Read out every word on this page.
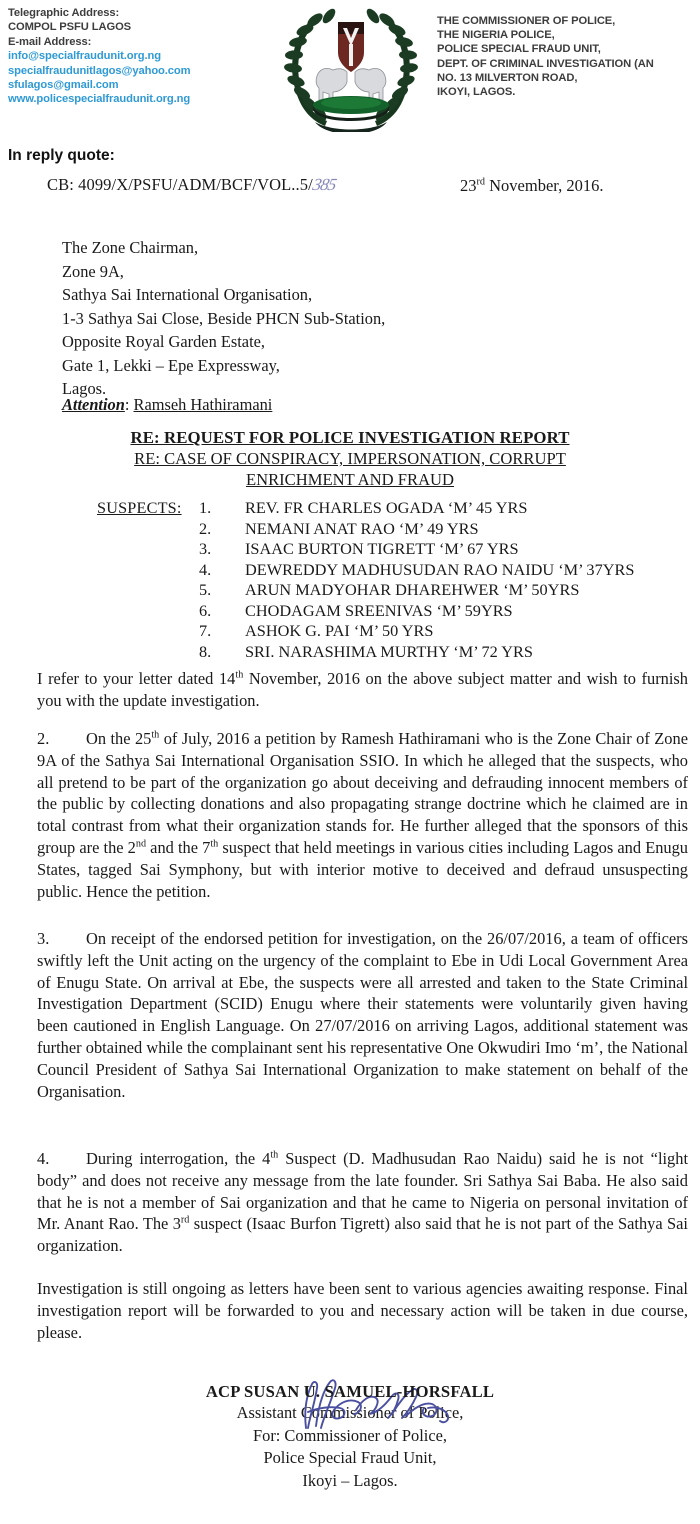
Telegraphic Address:
COMPOL PSFU LAGOS
E-mail Address:
info@specialfraudunit.org.ng
specialfraudunitlagos@yahoo.com
sfulagos@gmail.com
www.policespecialfraudunit.org.ng
THE COMMISSIONER OF POLICE,
THE NIGERIA POLICE,
POLICE SPECIAL FRAUD UNIT,
DEPT. OF CRIMINAL INVESTIGATION (AN
NO. 13 MILVERTON ROAD,
IKOYI, LAGOS.
In reply quote:
CB: 4099/X/PSFU/ADM/BCF/VOL..5/385	23rd November, 2016.
The Zone Chairman,
Zone 9A,
Sathya Sai International Organisation,
1-3 Sathya Sai Close, Beside PHCN Sub-Station,
Opposite Royal Garden Estate,
Gate 1, Lekki – Epe Expressway,
Lagos.
Attention: Ramseh Hathiramani
RE: REQUEST FOR POLICE INVESTIGATION REPORT
RE: CASE OF CONSPIRACY, IMPERSONATION, CORRUPT
ENRICHMENT AND FRAUD
SUSPECTS: 1. REV. FR CHARLES OGADA ‘M’ 45 YRS
2. NEMANI ANAT RAO ‘M’ 49 YRS
3. ISAAC BURTON TIGRETT ‘M’ 67 YRS
4. DEWREDDY MADHUSUDAN RAO NAIDU ‘M’ 37YRS
5. ARUN MADYOHAR DHAREHWER ‘M’ 50YRS
6. CHODAGAM SREENIVAS ‘M’ 59YRS
7. ASHOK G. PAI ‘M’ 50 YRS
8. SRI. NARASHIMA MURTHY ‘M’ 72 YRS

I refer to your letter dated 14th November, 2016 on the above subject matter and wish to furnish you with the update investigation.

2. On the 25th of July, 2016 a petition by Ramesh Hathiramani who is the Zone Chair of Zone 9A of the Sathya Sai International Organisation SSIO. In which he alleged that the suspects, who all pretend to be part of the organization go about deceiving and defrauding innocent members of the public by collecting donations and also propagating strange doctrine which he claimed are in total contrast from what their organization stands for. He further alleged that the sponsors of this group are the 2nd and the 7th suspect that held meetings in various cities including Lagos and Enugu States, tagged Sai Symphony, but with interior motive to deceived and defraud unsuspecting public. Hence the petition.

3. On receipt of the endorsed petition for investigation, on the 26/07/2016, a team of officers swiftly left the Unit acting on the urgency of the complaint to Ebe in Udi Local Government Area of Enugu State. On arrival at Ebe, the suspects were all arrested and taken to the State Criminal Investigation Department (SCID) Enugu where their statements were voluntarily given having been cautioned in English Language. On 27/07/2016 on arriving Lagos, additional statement was further obtained while the complainant sent his representative One Okwudiri Imo ‘m’, the National Council President of Sathya Sai International Organization to make statement on behalf of the Organisation.

4. During interrogation, the 4th Suspect (D. Madhusudan Rao Naidu) said he is not “light body” and does not receive any message from the late founder. Sri Sathya Sai Baba. He also said that he is not a member of Sai organization and that he came to Nigeria on personal invitation of Mr. Anant Rao. The 3rd suspect (Isaac Burfon Tigrett) also said that he is not part of the Sathya Sai organization.

Investigation is still ongoing as letters have been sent to various agencies awaiting response. Final investigation report will be forwarded to you and necessary action will be taken in due course, please.

ACP SUSAN U. SAMUEL-HORSFALL
Assistant Commissioner of Police,
For: Commissioner of Police,
Police Special Fraud Unit,
Ikoyi – Lagos.
